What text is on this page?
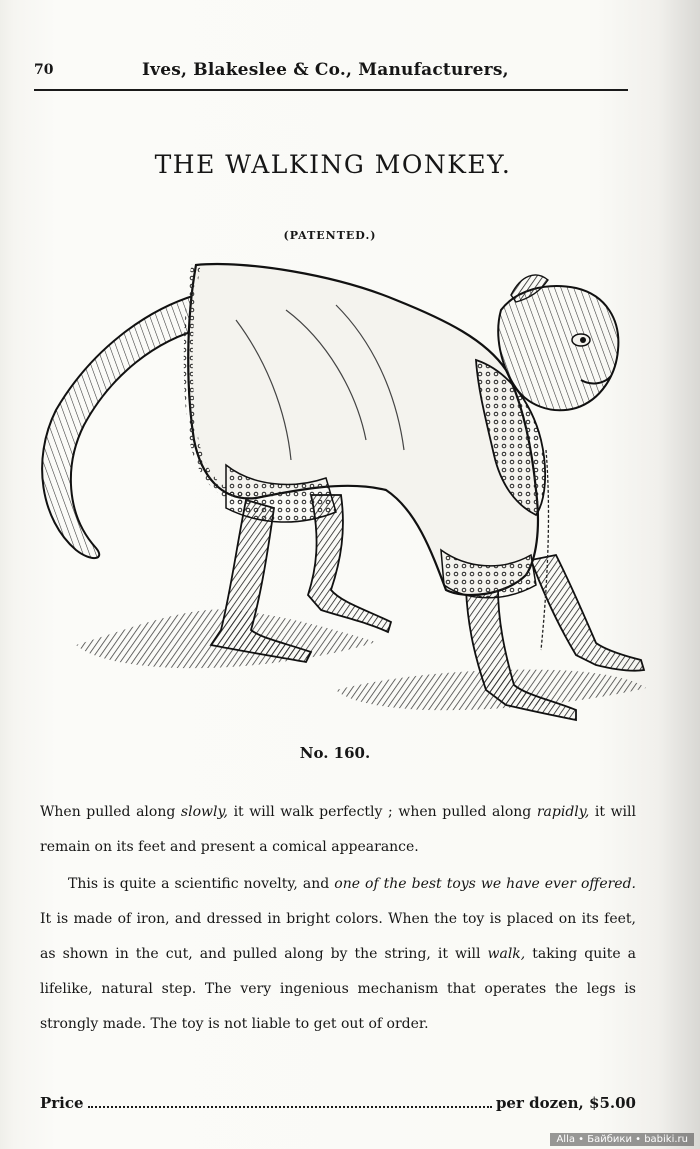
70	Ives, Blakeslee & Co., Manufacturers,
THE WALKING MONKEY.
(PATENTED.)
No. 160.

When pulled along slowly, it will walk perfectly ; when pulled along rapidly, it will remain on its feet and present a comical appearance.

This is quite a scientific novelty, and one of the best toys we have ever offered. It is made of iron, and dressed in bright colors. When the toy is placed on its feet, as shown in the cut, and pulled along by the string, it will walk, taking quite a lifelike, natural step. The very ingenious mechanism that operates the legs is strongly made. The toy is not liable to get out of order.

Price	per dozen,
$5.00
Alla • Байбики • babiki.ru
